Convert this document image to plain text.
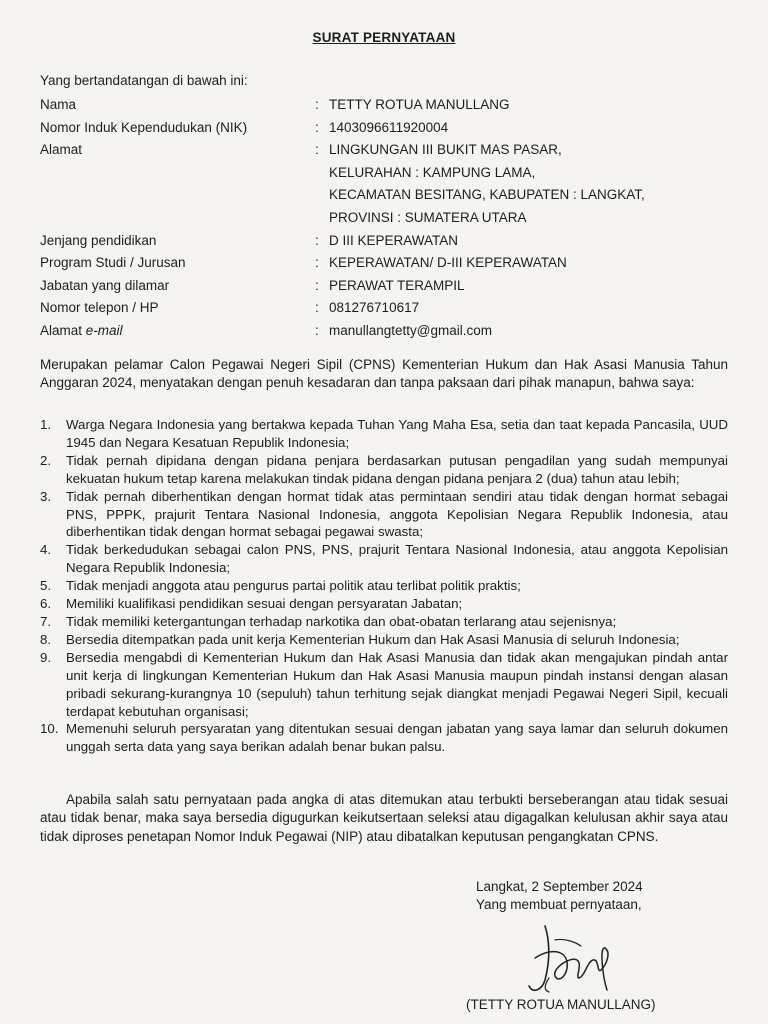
SURAT PERNYATAAN
Yang bertandatangan di bawah ini:
Nama	: TETTY ROTUA MANULLANG
Nomor Induk Kependudukan (NIK)	: 1403096611920004
Alamat	: LINGKUNGAN III BUKIT MAS PASAR,
KELURAHAN : KAMPUNG LAMA,
KECAMATAN BESITANG, KABUPATEN : LANGKAT,
PROVINSI : SUMATERA UTARA
Jenjang pendidikan	: D III KEPERAWATAN
Program Studi / Jurusan	: KEPERAWATAN/ D-III KEPERAWATAN
Jabatan yang dilamar	: PERAWAT TERAMPIL
Nomor telepon / HP	: 081276710617
Alamat e-mail	: manullangtetty@gmail.com
Merupakan pelamar Calon Pegawai Negeri Sipil (CPNS) Kementerian Hukum dan Hak Asasi Manusia Tahun Anggaran 2024, menyatakan dengan penuh kesadaran dan tanpa paksaan dari pihak manapun, bahwa saya:
1.	Warga Negara Indonesia yang bertakwa kepada Tuhan Yang Maha Esa, setia dan taat kepada Pancasila, UUD 1945 dan Negara Kesatuan Republik Indonesia;
2.	Tidak pernah dipidana dengan pidana penjara berdasarkan putusan pengadilan yang sudah mempunyai kekuatan hukum tetap karena melakukan tindak pidana dengan pidana penjara 2 (dua) tahun atau lebih;
3.	Tidak pernah diberhentikan dengan hormat tidak atas permintaan sendiri atau tidak dengan hormat sebagai PNS, PPPK, prajurit Tentara Nasional Indonesia, anggota Kepolisian Negara Republik Indonesia, atau diberhentikan tidak dengan hormat sebagai pegawai swasta;
4.	Tidak berkedudukan sebagai calon PNS, PNS, prajurit Tentara Nasional Indonesia, atau anggota Kepolisian Negara Republik Indonesia;
5.	Tidak menjadi anggota atau pengurus partai politik atau terlibat politik praktis;
6.	Memiliki kualifikasi pendidikan sesuai dengan persyaratan Jabatan;
7.	Tidak memiliki ketergantungan terhadap narkotika dan obat-obatan terlarang atau sejenisnya;
8.	Bersedia ditempatkan pada unit kerja Kementerian Hukum dan Hak Asasi Manusia di seluruh Indonesia;
9.	Bersedia mengabdi di Kementerian Hukum dan Hak Asasi Manusia dan tidak akan mengajukan pindah antar unit kerja di lingkungan Kementerian Hukum dan Hak Asasi Manusia maupun pindah instansi dengan alasan pribadi sekurang-kurangnya 10 (sepuluh) tahun terhitung sejak diangkat menjadi Pegawai Negeri Sipil, kecuali terdapat kebutuhan organisasi;
10. Memenuhi seluruh persyaratan yang ditentukan sesuai dengan jabatan yang saya lamar dan seluruh dokumen unggah serta data yang saya berikan adalah benar bukan palsu.
Apabila salah satu pernyataan pada angka di atas ditemukan atau terbukti berseberangan atau tidak sesuai atau tidak benar, maka saya bersedia digugurkan keikutsertaan seleksi atau digagalkan kelulusan akhir saya atau tidak diproses penetapan Nomor Induk Pegawai (NIP) atau dibatalkan keputusan pengangkatan CPNS.
Langkat, 2 September 2024
Yang membuat pernyataan,
(TETTY ROTUA MANULLANG)
